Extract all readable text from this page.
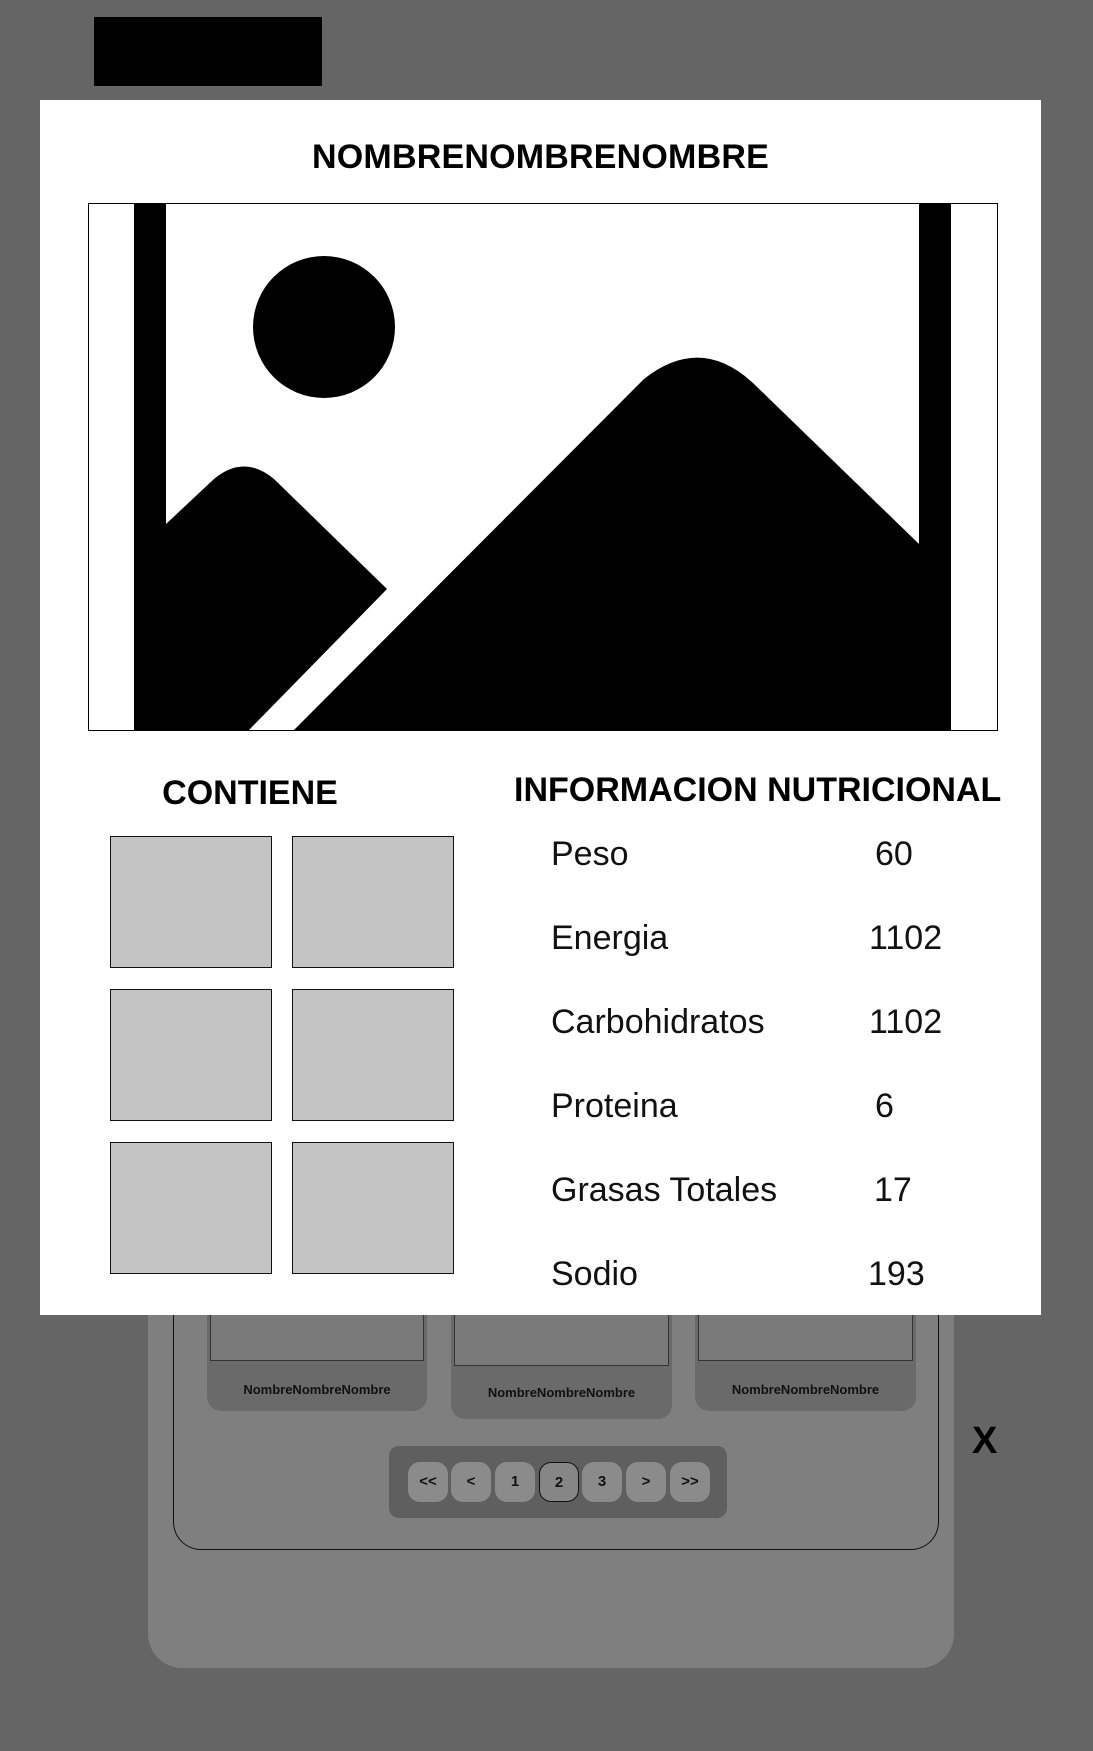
NombreNombreNombre	NombreNombreNombre	NombreNombreNombre
<<	<	1	2	3	>	>>
X
NOMBRENOMBRENOMBRE
CONTIENE	INFORMACION NUTRICIONAL
Peso	60
Energia	1102
Carbohidratos	1102
Proteina	6
Grasas Totales	17
Sodio	193
